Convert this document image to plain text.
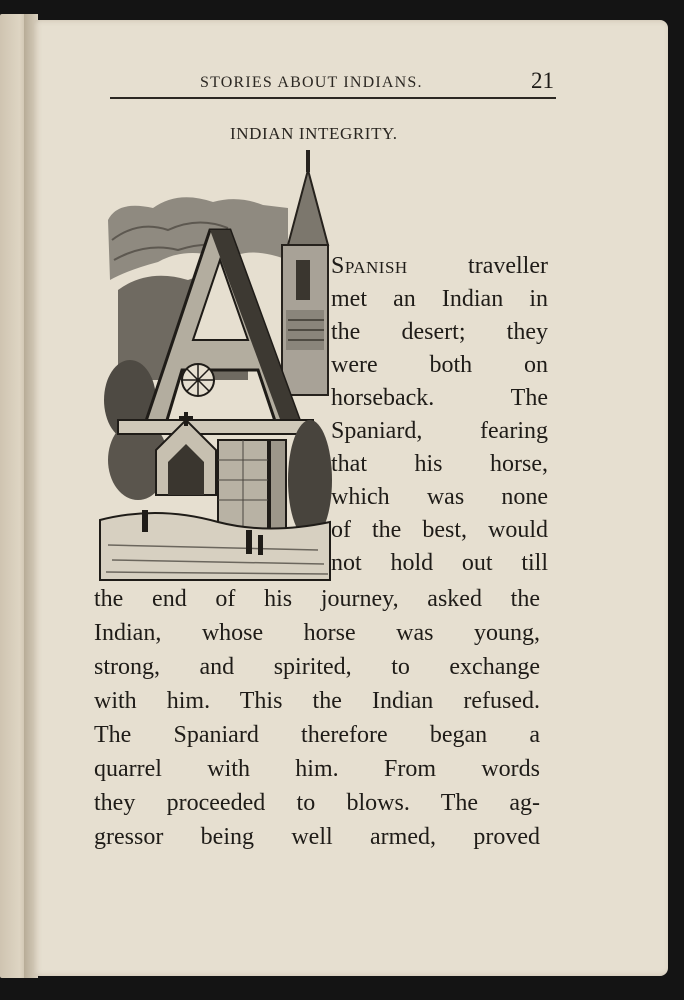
STORIES ABOUT INDIANS.	21
INDIAN INTEGRITY.
Spanish	traveller
met an Indian in
the desert; they
were both on
horseback. The
Spaniard, fearing
that his horse,
which was none
of the best, would
not hold out till
the end of his journey, asked the
Indian, whose horse was young,
strong, and spirited, to exchange
with him. This the Indian refused.
The Spaniard therefore began a
quarrel with him. From words
they proceeded to blows. The ag-
gressor being well armed, proved
